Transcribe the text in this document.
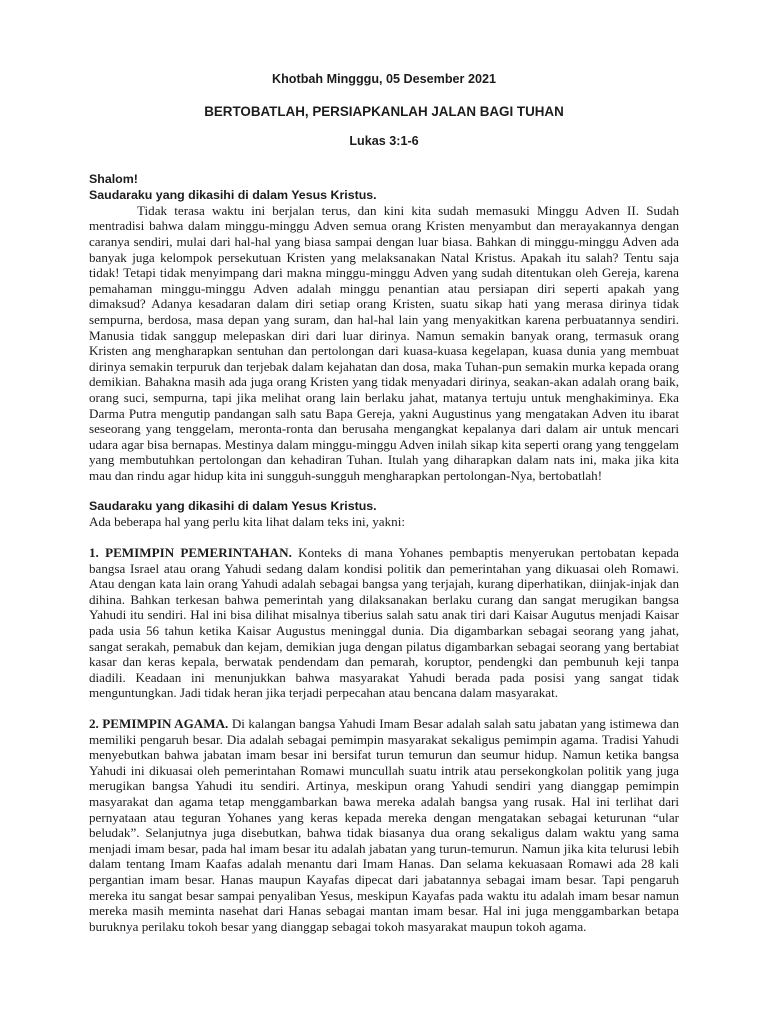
Khotbah Mingggu, 05 Desember 2021
BERTOBATLAH, PERSIAPKANLAH JALAN BAGI TUHAN
Lukas 3:1-6
Shalom!
Saudaraku yang dikasihi di dalam Yesus Kristus.

Tidak terasa waktu ini berjalan terus, dan kini kita sudah memasuki Minggu Adven II. Sudah mentradisi bahwa dalam minggu-minggu Adven semua orang Kristen menyambut dan merayakannya dengan caranya sendiri, mulai dari hal-hal yang biasa sampai dengan luar biasa. Bahkan di minggu-minggu Adven ada banyak juga kelompok persekutuan Kristen yang melaksanakan Natal Kristus. Apakah itu salah? Tentu saja tidak! Tetapi tidak menyimpang dari makna minggu-minggu Adven yang sudah ditentukan oleh Gereja, karena pemahaman minggu-minggu Adven adalah minggu penantian atau persiapan diri seperti apakah yang dimaksud? Adanya kesadaran dalam diri setiap orang Kristen, suatu sikap hati yang merasa dirinya tidak sempurna, berdosa, masa depan yang suram, dan hal-hal lain yang menyakitkan karena perbuatannya sendiri. Manusia tidak sanggup melepaskan diri dari luar dirinya. Namun semakin banyak orang, termasuk orang Kristen ang mengharapkan sentuhan dan pertolongan dari kuasa-kuasa kegelapan, kuasa dunia yang membuat dirinya semakin terpuruk dan terjebak dalam kejahatan dan dosa, maka Tuhan-pun semakin murka kepada orang demikian. Bahakna masih ada juga orang Kristen yang tidak menyadari dirinya, seakan-akan adalah orang baik, orang suci, sempurna, tapi jika melihat orang lain berlaku jahat, matanya tertuju untuk menghakiminya. Eka Darma Putra mengutip pandangan salh satu Bapa Gereja, yakni Augustinus yang mengatakan Adven itu ibarat seseorang yang tenggelam, meronta-ronta dan berusaha mengangkat kepalanya dari dalam air untuk mencari udara agar bisa bernapas. Mestinya dalam minggu-minggu Adven inilah sikap kita seperti orang yang tenggelam yang membutuhkan pertolongan dan kehadiran Tuhan. Itulah yang diharapkan dalam nats ini, maka jika kita mau dan rindu agar hidup kita ini sungguh-sungguh mengharapkan pertolongan-Nya, bertobatlah!

Saudaraku yang dikasihi di dalam Yesus Kristus.

Ada beberapa hal yang perlu kita lihat dalam teks ini, yakni:

1. PEMIMPIN PEMERINTAHAN. Konteks di mana Yohanes pembaptis menyerukan pertobatan kepada bangsa Israel atau orang Yahudi sedang dalam kondisi politik dan pemerintahan yang dikuasai oleh Romawi. Atau dengan kata lain orang Yahudi adalah sebagai bangsa yang terjajah, kurang diperhatikan, diinjak-injak dan dihina. Bahkan terkesan bahwa pemerintah yang dilaksanakan berlaku curang dan sangat merugikan bangsa Yahudi itu sendiri. Hal ini bisa dilihat misalnya tiberius salah satu anak tiri dari Kaisar Augutus menjadi Kaisar pada usia 56 tahun ketika Kaisar Augustus meninggal dunia. Dia digambarkan sebagai seorang yang jahat, sangat serakah, pemabuk dan kejam, demikian juga dengan pilatus digambarkan sebagai seorang yang bertabiat kasar dan keras kepala, berwatak pendendam dan pemarah, koruptor, pendengki dan pembunuh keji tanpa diadili. Keadaan ini menunjukkan bahwa masyarakat Yahudi berada pada posisi yang sangat tidak menguntungkan. Jadi tidak heran jika terjadi perpecahan atau bencana dalam masyarakat.

2. PEMIMPIN AGAMA. Di kalangan bangsa Yahudi Imam Besar adalah salah satu jabatan yang istimewa dan memiliki pengaruh besar. Dia adalah sebagai pemimpin masyarakat sekaligus pemimpin agama. Tradisi Yahudi menyebutkan bahwa jabatan imam besar ini bersifat turun temurun dan seumur hidup. Namun ketika bangsa Yahudi ini dikuasai oleh pemerintahan Romawi muncullah suatu intrik atau persekongkolan politik yang juga merugikan bangsa Yahudi itu sendiri. Artinya, meskipun orang Yahudi sendiri yang dianggap pemimpin masyarakat dan agama tetap menggambarkan bawa mereka adalah bangsa yang rusak. Hal ini terlihat dari pernyataan atau teguran Yohanes yang keras kepada mereka dengan mengatakan sebagai keturunan “ular beludak”. Selanjutnya juga disebutkan, bahwa tidak biasanya dua orang sekaligus dalam waktu yang sama menjadi imam besar, pada hal imam besar itu adalah jabatan yang turun-temurun. Namun jika kita telurusi lebih dalam tentang Imam Kaafas adalah menantu dari Imam Hanas. Dan selama kekuasaan Romawi ada 28 kali pergantian imam besar. Hanas maupun Kayafas dipecat dari jabatannya sebagai imam besar. Tapi pengaruh mereka itu sangat besar sampai penyaliban Yesus, meskipun Kayafas pada waktu itu adalah imam besar namun mereka masih meminta nasehat dari Hanas sebagai mantan imam besar. Hal ini juga menggambarkan betapa buruknya perilaku tokoh besar yang dianggap sebagai tokoh masyarakat maupun tokoh agama.
